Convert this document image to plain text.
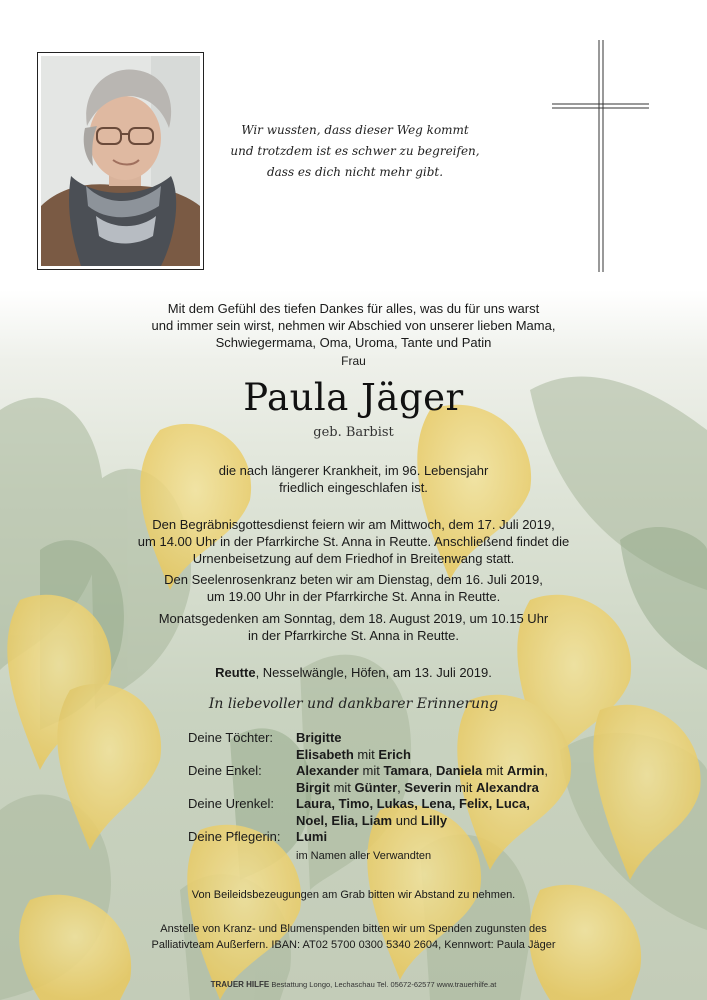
Wir wussten, dass dieser Weg kommt
und trotzdem ist es schwer zu begreifen,
dass es dich nicht mehr gibt.
Mit dem Gefühl des tiefen Dankes für alles, was du für uns warst
und immer sein wirst, nehmen wir Abschied von unserer lieben Mama,
Schwiegermama, Oma, Uroma, Tante und Patin
Frau
Paula Jäger
geb. Barbist
die nach längerer Krankheit, im 96. Lebensjahr
friedlich eingeschlafen ist.
Den Begräbnisgottesdienst feiern wir am Mittwoch, dem 17. Juli 2019,
um 14.00 Uhr in der Pfarrkirche St. Anna in Reutte. Anschließend findet die
Urnenbeisetzung auf dem Friedhof in Breitenwang statt.
Den Seelenrosenkranz beten wir am Dienstag, dem 16. Juli 2019,
um 19.00 Uhr in der Pfarrkirche St. Anna in Reutte.
Monatsgedenken am Sonntag, dem 18. August 2019, um 10.15 Uhr
in der Pfarrkirche St. Anna in Reutte.
Reutte, Nesselwängle, Höfen, am 13. Juli 2019.
In liebevoller und dankbarer Erinnerung
Deine Töchter:	Brigitte
Elisabeth mit Erich
Deine Enkel:	Alexander mit Tamara, Daniela mit Armin,
Birgit mit Günter, Severin mit Alexandra
Deine Urenkel:	Laura, Timo, Lukas, Lena, Felix, Luca,
Noel, Elia, Liam und Lilly
Deine Pflegerin:	Lumi
im Namen aller Verwandten
Von Beileidsbezeugungen am Grab bitten wir Abstand zu nehmen.
Anstelle von Kranz- und Blumenspenden bitten wir um Spenden zugunsten des
Palliativteam Außerfern. IBAN: AT02 5700 0300 5340 2604, Kennwort: Paula Jäger
TRAUER HILFE Bestattung Longo, Lechaschau Tel. 05672-62577 www.trauerhilfe.at
